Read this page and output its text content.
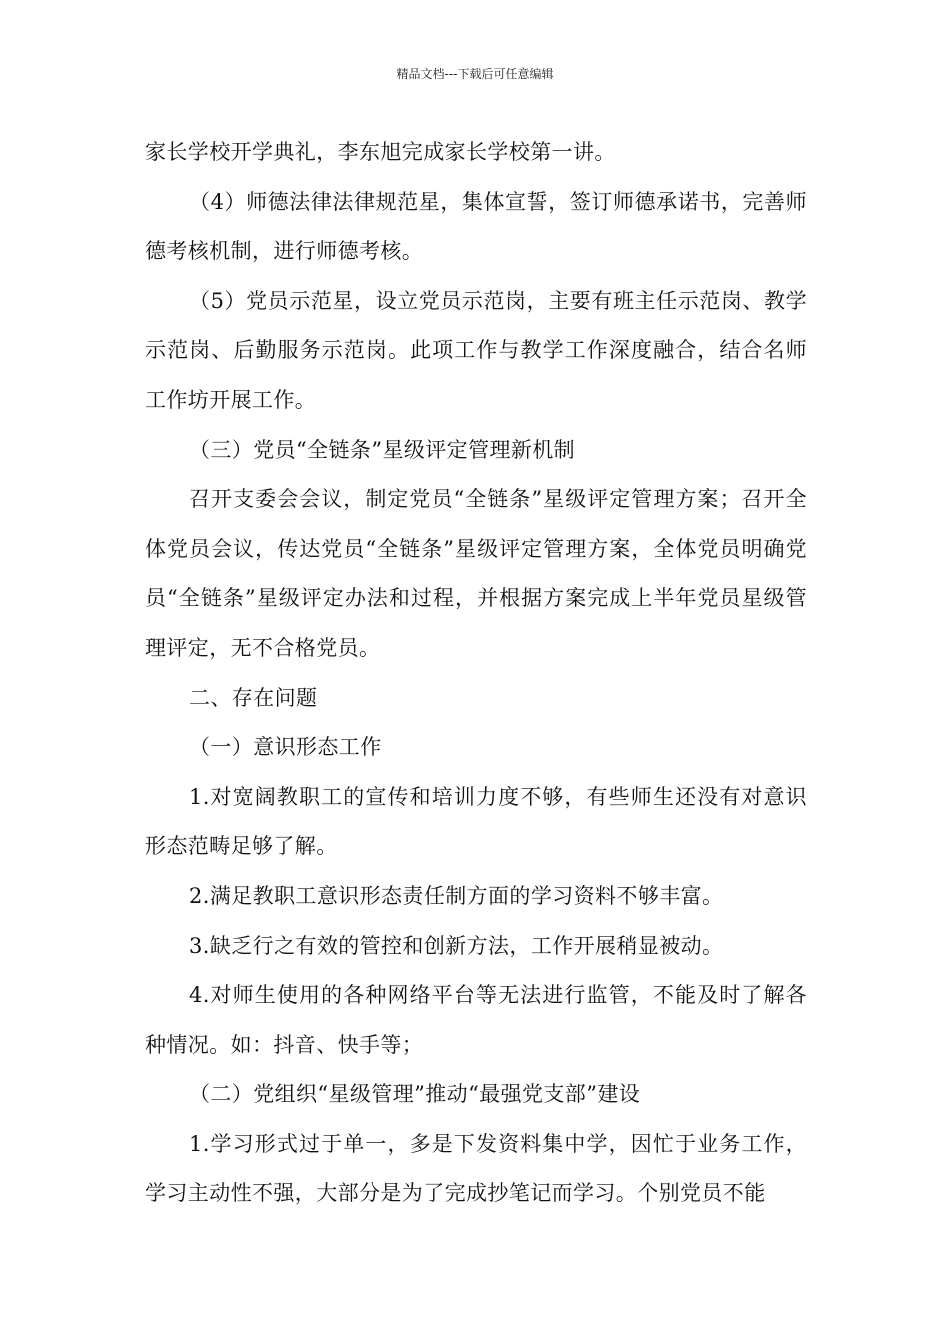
精品文档---下载后可任意编辑

家长学校开学典礼，李东旭完成家长学校第一讲。

（4）师德法律法律规范星，集体宣誓，签订师德承诺书，完善师德考核机制，进行师德考核。

（5）党员示范星，设立党员示范岗，主要有班主任示范岗、教学示范岗、后勤服务示范岗。此项工作与教学工作深度融合，结合名师工作坊开展工作。

（三）党员“全链条”星级评定管理新机制

召开支委会会议，制定党员“全链条”星级评定管理方案；召开全体党员会议，传达党员“全链条”星级评定管理方案，全体党员明确党员“全链条”星级评定办法和过程，并根据方案完成上半年党员星级管理评定，无不合格党员。

二、存在问题

（一）意识形态工作

1.对宽阔教职工的宣传和培训力度不够，有些师生还没有对意识形态范畴足够了解。

2.满足教职工意识形态责任制方面的学习资料不够丰富。

3.缺乏行之有效的管控和创新方法，工作开展稍显被动。

4.对师生使用的各种网络平台等无法进行监管，不能及时了解各种情况。如：抖音、快手等；

（二）党组织“星级管理”推动“最强党支部”建设

1.学习形式过于单一，多是下发资料集中学，因忙于业务工作，学习主动性不强，大部分是为了完成抄笔记而学习。个别党员不能
